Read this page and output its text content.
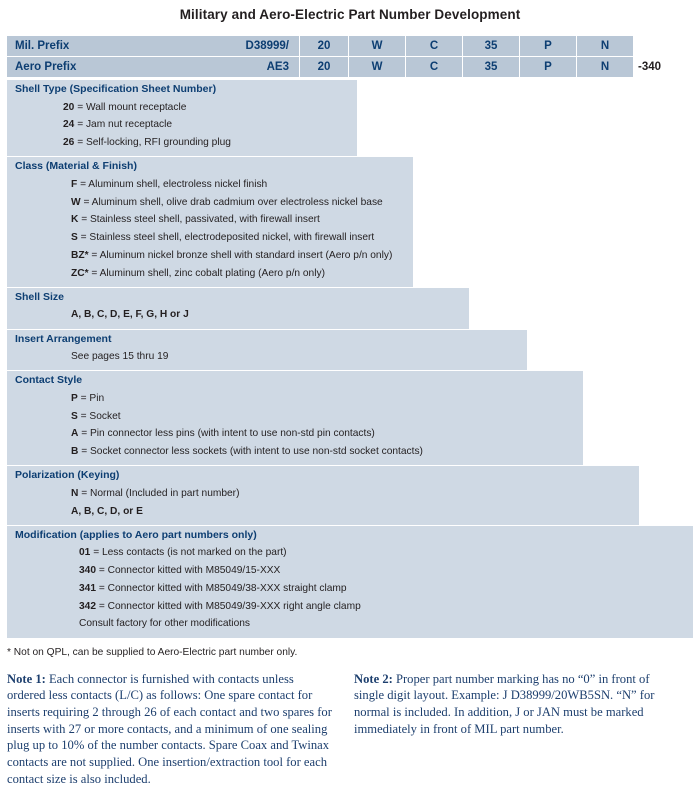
Military and Aero-Electric Part Number Development
Mil. Prefix	D38999/	20	W	C	35	P	N
Aero Prefix	AE3	20	W	C	35	P	N	-340
Shell Type (Specification Sheet Number)
20 = Wall mount receptacle
24 = Jam nut receptacle
26 = Self-locking, RFI grounding plug
Class (Material & Finish)
F = Aluminum shell, electroless nickel finish
W = Aluminum shell, olive drab cadmium over electroless nickel base
K = Stainless steel shell, passivated, with firewall insert
S = Stainless steel shell, electrodeposited nickel, with firewall insert
BZ* = Aluminum nickel bronze shell with standard insert (Aero p/n only)
ZC* = Aluminum shell, zinc cobalt plating (Aero p/n only)
Shell Size
A, B, C, D, E, F, G, H or J
Insert Arrangement
See pages 15 thru 19
Contact Style
P = Pin
S = Socket
A = Pin connector less pins (with intent to use non-std pin contacts)
B = Socket connector less sockets (with intent to use non-std socket contacts)
Polarization (Keying)
N = Normal (Included in part number)
A, B, C, D, or E
Modification (applies to Aero part numbers only)
01 = Less contacts (is not marked on the part)
340 = Connector kitted with M85049/15-XXX
341 = Connector kitted with M85049/38-XXX straight clamp
342 = Connector kitted with M85049/39-XXX right angle clamp
Consult factory for other modifications
* Not on QPL, can be supplied to Aero-Electric part number only.
Note 1: Each connector is furnished with contacts unless ordered less contacts (L/C) as follows: One spare contact for inserts requiring 2 through 26 of each contact and two spares for inserts with 27 or more contacts, and a minimum of one sealing plug up to 10% of the number contacts. Spare Coax and Twinax contacts are not supplied. One insertion/extraction tool for each contact size is also included.
Note 2: Proper part number marking has no “0” in front of single digit layout. Example: J D38999/20WB5SN. “N” for normal is included. In addition, J or JAN must be marked immediately in front of MIL part number.
